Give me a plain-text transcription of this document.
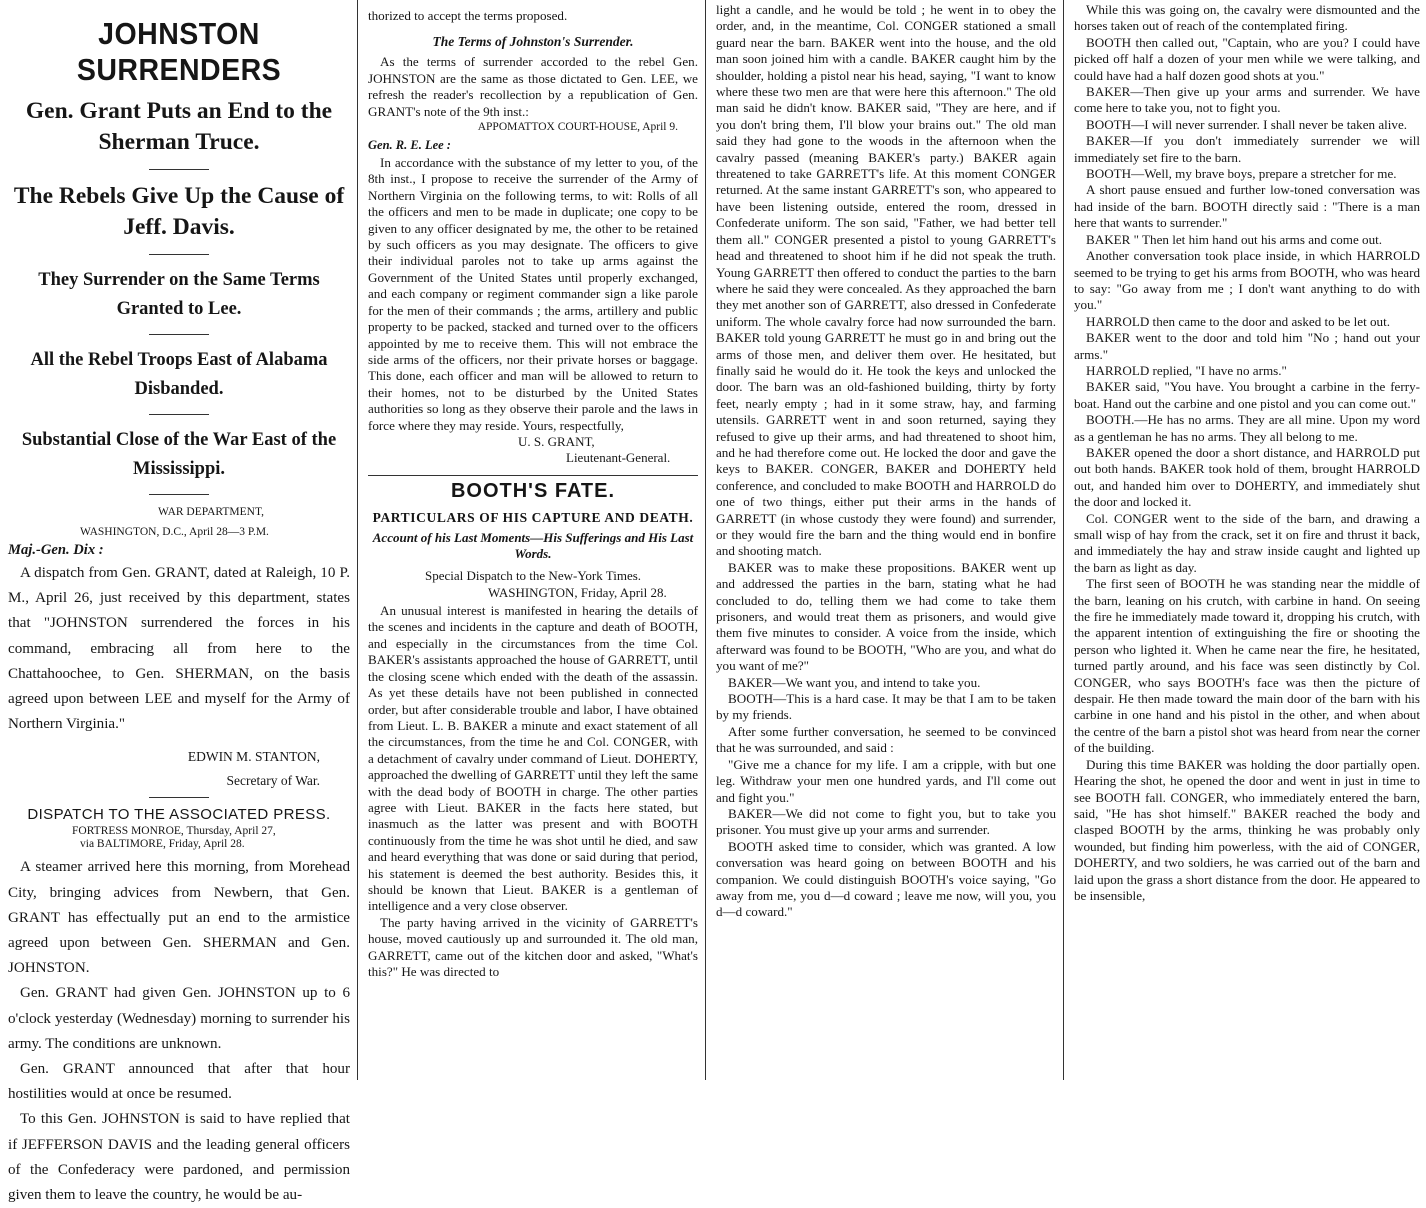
JOHNSTON SURRENDERS
Gen. Grant Puts an End to the Sherman Truce.
The Rebels Give Up the Cause of Jeff. Davis.
They Surrender on the Same Terms Granted to Lee.
All the Rebel Troops East of Alabama Disbanded.
Substantial Close of the War East of the Mississippi.
WAR DEPARTMENT,
WASHINGTON, D.C., April 28—3 P.M.
Maj.-Gen. Dix :

A dispatch from Gen. GRANT, dated at Raleigh, 10 P. M., April 26, just received by this department, states that "JOHNSTON surrendered the forces in his command, embracing all from here to the Chattahoochee, to Gen. SHERMAN, on the basis agreed upon between LEE and myself for the Army of Northern Virginia."

EDWIN M. STANTON,
Secretary of War.
DISPATCH TO THE ASSOCIATED PRESS.
FORTRESS MONROE, Thursday, April 27,
via BALTIMORE, Friday, April 28.

A steamer arrived here this morning, from Morehead City, bringing advices from Newbern, that Gen. GRANT has effectually put an end to the armistice agreed upon between Gen. SHERMAN and Gen. JOHNSTON.

Gen. GRANT had given Gen. JOHNSTON up to 6 o'clock yesterday (Wednesday) morning to surrender his army. The conditions are unknown.

Gen. GRANT announced that after that hour hostilities would at once be resumed.

To this Gen. JOHNSTON is said to have replied that if JEFFERSON DAVIS and the leading general officers of the Confederacy were pardoned, and permission given them to leave the country, he would be au-

thorized to accept the terms proposed.

The Terms of Johnston's Surrender.

As the terms of surrender accorded to the rebel Gen. JOHNSTON are the same as those dictated to Gen. LEE, we refresh the reader's recollection by a republication of Gen. GRANT's note of the 9th inst.:

APPOMATTOX COURT-HOUSE, April 9.
Gen. R. E. Lee :

In accordance with the substance of my letter to you, of the 8th inst., I propose to receive the surrender of the Army of Northern Virginia on the following terms, to wit: Rolls of all the officers and men to be made in duplicate; one copy to be given to any officer designated by me, the other to be retained by such officers as you may designate. The officers to give their individual paroles not to take up arms against the Government of the United States until properly exchanged, and each company or regiment commander sign a like parole for the men of their commands ; the arms, artillery and public property to be packed, stacked and turned over to the officers appointed by me to receive them. This will not embrace the side arms of the officers, nor their private horses or baggage. This done, each officer and man will be allowed to return to their homes, not to be disturbed by the United States authorities so long as they observe their parole and the laws in force where they may reside. Yours, respectfully,

U. S. GRANT,
Lieutenant-General.
BOOTH'S FATE.
PARTICULARS OF HIS CAPTURE AND DEATH.
Account of his Last Moments—His Sufferings and His Last Words.
Special Dispatch to the New-York Times.
WASHINGTON, Friday, April 28.

An unusual interest is manifested in hearing the details of the scenes and incidents in the capture and death of BOOTH, and especially in the circumstances from the time Col. BAKER's assistants approached the house of GARRETT, until the closing scene which ended with the death of the assassin. As yet these details have not been published in connected order, but after considerable trouble and labor, I have obtained from Lieut. L. B. BAKER a minute and exact statement of all the circumstances, from the time he and Col. CONGER, with a detachment of cavalry under command of Lieut. DOHERTY, approached the dwelling of GARRETT until they left the same with the dead body of BOOTH in charge. The other parties agree with Lieut. BAKER in the facts here stated, but inasmuch as the latter was present and with BOOTH continuously from the time he was shot until he died, and saw and heard everything that was done or said during that period, his statement is deemed the best authority. Besides this, it should be known that Lieut. BAKER is a gentleman of intelligence and a very close observer.

The party having arrived in the vicinity of GARRETT's house, moved cautiously up and surrounded it. The old man, GARRETT, came out of the kitchen door and asked, "What's this?" He was directed to

light a candle, and he would be told ; he went in to obey the order, and, in the meantime, Col. CONGER stationed a small guard near the barn. BAKER went into the house, and the old man soon joined him with a candle. BAKER caught him by the shoulder, holding a pistol near his head, saying, "I want to know where these two men are that were here this afternoon." The old man said he didn't know. BAKER said, "They are here, and if you don't bring them, I'll blow your brains out." The old man said they had gone to the woods in the afternoon when the cavalry passed (meaning BAKER's party.) BAKER again threatened to take GARRETT's life. At this moment CONGER returned. At the same instant GARRETT's son, who appeared to have been listening outside, entered the room, dressed in Confederate uniform. The son said, "Father, we had better tell them all." CONGER presented a pistol to young GARRETT's head and threatened to shoot him if he did not speak the truth. Young GARRETT then offered to conduct the parties to the barn where he said they were concealed. As they approached the barn they met another son of GARRETT, also dressed in Confederate uniform. The whole cavalry force had now surrounded the barn. BAKER told young GARRETT he must go in and bring out the arms of those men, and deliver them over. He hesitated, but finally said he would do it. He took the keys and unlocked the door. The barn was an old-fashioned building, thirty by forty feet, nearly empty ; had in it some straw, hay, and farming utensils. GARRETT went in and soon returned, saying they refused to give up their arms, and had threatened to shoot him, and he had therefore come out. He locked the door and gave the keys to BAKER. CONGER, BAKER and DOHERTY held conference, and concluded to make BOOTH and HARROLD do one of two things, either put their arms in the hands of GARRETT (in whose custody they were found) and surrender, or they would fire the barn and the thing would end in bonfire and shooting match.

BAKER was to make these propositions. BAKER went up and addressed the parties in the barn, stating what he had concluded to do, telling them we had come to take them prisoners, and would treat them as prisoners, and would give them five minutes to consider. A voice from the inside, which afterward was found to be BOOTH, "Who are you, and what do you want of me?"

BAKER—We want you, and intend to take you.

BOOTH—This is a hard case. It may be that I am to be taken by my friends.

After some further conversation, he seemed to be convinced that he was surrounded, and said :

"Give me a chance for my life. I am a cripple, with but one leg. Withdraw your men one hundred yards, and I'll come out and fight you."

BAKER—We did not come to fight you, but to take you prisoner. You must give up your arms and surrender.

BOOTH asked time to consider, which was granted. A low conversation was heard going on between BOOTH and his companion. We could distinguish BOOTH's voice saying, "Go away from me, you d—d coward ; leave me now, will you, you d—d coward."

While this was going on, the cavalry were dismounted and the horses taken out of reach of the contemplated firing.

BOOTH then called out, "Captain, who are you? I could have picked off half a dozen of your men while we were talking, and could have had a half dozen good shots at you."

BAKER—Then give up your arms and surrender. We have come here to take you, not to fight you.

BOOTH—I will never surrender. I shall never be taken alive.

BAKER—If you don't immediately surrender we will immediately set fire to the barn.

BOOTH—Well, my brave boys, prepare a stretcher for me.

A short pause ensued and further low-toned conversation was had inside of the barn. BOOTH directly said : "There is a man here that wants to surrender."

BAKER " Then let him hand out his arms and come out.

Another conversation took place inside, in which HARROLD seemed to be trying to get his arms from BOOTH, who was heard to say: "Go away from me ; I don't want anything to do with you."

HARROLD then came to the door and asked to be let out.

BAKER went to the door and told him "No ; hand out your arms."

HARROLD replied, "I have no arms."

BAKER said, "You have. You brought a carbine in the ferry-boat. Hand out the carbine and one pistol and you can come out."

BOOTH.—He has no arms. They are all mine. Upon my word as a gentleman he has no arms. They all belong to me.

BAKER opened the door a short distance, and HARROLD put out both hands. BAKER took hold of them, brought HARROLD out, and handed him over to DOHERTY, and immediately shut the door and locked it.

Col. CONGER went to the side of the barn, and drawing a small wisp of hay from the crack, set it on fire and thrust it back, and immediately the hay and straw inside caught and lighted up the barn as light as day.

The first seen of BOOTH he was standing near the middle of the barn, leaning on his crutch, with carbine in hand. On seeing the fire he immediately made toward it, dropping his crutch, with the apparent intention of extinguishing the fire or shooting the person who lighted it. When he came near the fire, he hesitated, turned partly around, and his face was seen distinctly by Col. CONGER, who says BOOTH's face was then the picture of despair. He then made toward the main door of the barn with his carbine in one hand and his pistol in the other, and when about the centre of the barn a pistol shot was heard from near the corner of the building.

During this time BAKER was holding the door partially open. Hearing the shot, he opened the door and went in just in time to see BOOTH fall. CONGER, who immediately entered the barn, said, "He has shot himself." BAKER reached the body and clasped BOOTH by the arms, thinking he was probably only wounded, but finding him powerless, with the aid of CONGER, DOHERTY, and two soldiers, he was carried out of the barn and laid upon the grass a short distance from the door. He appeared to be insensible,
